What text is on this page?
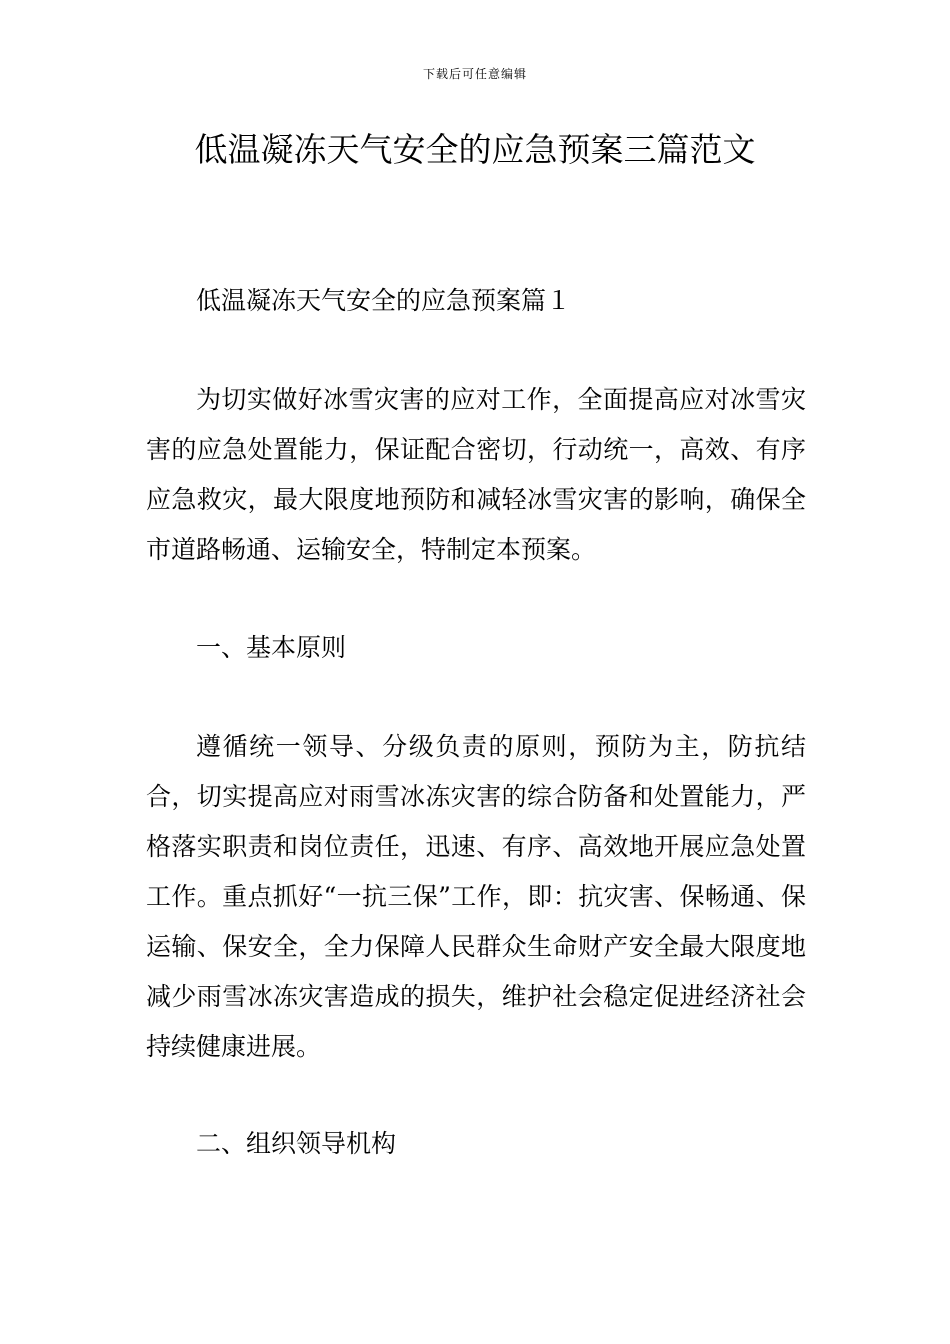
下载后可任意编辑
低温凝冻天气安全的应急预案三篇范文

低温凝冻天气安全的应急预案篇１

为切实做好冰雪灾害的应对工作，全面提高应对冰雪灾害的应急处置能力，保证配合密切，行动统一，高效、有序应急救灾，最大限度地预防和减轻冰雪灾害的影响，确保全市道路畅通、运输安全，特制定本预案。

一、基本原则

遵循统一领导、分级负责的原则，预防为主，防抗结合，切实提高应对雨雪冰冻灾害的综合防备和处置能力，严格落实职责和岗位责任，迅速、有序、高效地开展应急处置工作。重点抓好“一抗三保”工作，即：抗灾害、保畅通、保运输、保安全，全力保障人民群众生命财产安全最大限度地减少雨雪冰冻灾害造成的损失，维护社会稳定促进经济社会持续健康进展。

二、组织领导机构
